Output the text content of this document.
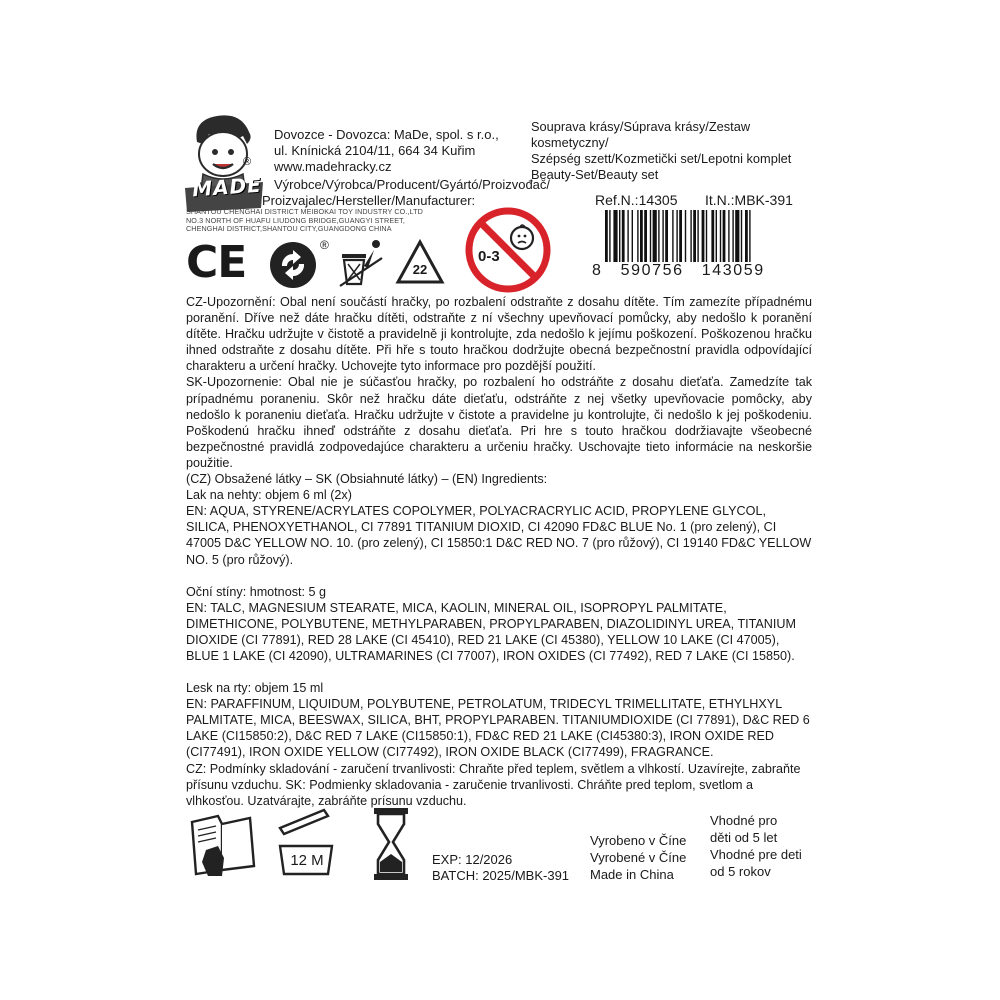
MADE
®
Dovozce - Dovozca: MaDe, spol. s r.o.,
ul. Knínická 2104/11, 664 34 Kuřim
www.madehracky.cz
Výrobce/Výrobca/Producent/Gyártó/Proizvođač/
Proizvajalec/Hersteller/Manufacturer:
SHANTOU CHENGHAI DISTRICT MEIBOKAI TOY INDUSTRY CO.,LTD
NO.3 NORTH OF HUAFU LIUDONG BRIDGE,GUANGYI STREET,
CHENGHAI DISTRICT,SHANTOU CITY,GUANGDONG CHINA
CE	®
22
0-3
Souprava krásy/Súprava krásy/Zestaw kosmetyczny/
Szépség szett/Kozmetički set/Lepotni komplet
Beauty-Set/Beauty set
Ref.N.:14305 It.N.:MBK-391
8   590756   143059

CZ-Upozornění: Obal není součástí hračky, po rozbalení odstraňte z dosahu dítěte. Tím zamezíte případnému poranění. Dříve než dáte hračku dítěti, odstraňte z ní všechny upevňovací pomůcky, aby nedošlo k poranění dítěte. Hračku udržujte v čistotě a pravidelně ji kontrolujte, zda nedošlo k jejímu poškození. Poškozenou hračku ihned odstraňte z dosahu dítěte. Při hře s touto hračkou dodržujte obecná bezpečnostní pravidla odpovídající charakteru a určení hračky. Uchovejte tyto informace pro pozdější použití.

SK-Upozornenie: Obal nie je súčasťou hračky, po rozbalení ho odstráňte z dosahu dieťaťa. Zamedzíte tak prípadnému poraneniu. Skôr než hračku dáte dieťaťu, odstráňte z nej všetky upevňovacie pomôcky, aby nedošlo k poraneniu dieťaťa. Hračku udržujte v čistote a pravidelne ju kontrolujte, či nedošlo k jej poškodeniu. Poškodenú hračku ihneď odstráňte z dosahu dieťaťa. Pri hre s touto hračkou dodržiavajte všeobecné bezpečnostné pravidlá zodpovedajúce charakteru a určeniu hračky. Uschovajte tieto informácie na neskoršie použitie.

(CZ) Obsažené látky – SK (Obsiahnuté látky) – (EN) Ingredients:

Lak na nehty: objem 6 ml (2x)

EN: AQUA, STYRENE/ACRYLATES COPOLYMER, POLYACRACRYLIC ACID, PROPYLENE GLYCOL, SILICA, PHENOXYETHANOL, CI 77891 TITANIUM DIOXID, CI 42090 FD&C BLUE No. 1 (pro zelený), CI 47005 D&C YELLOW NO. 10. (pro zelený), CI 15850:1 D&C RED NO. 7 (pro růžový), CI 19140 FD&C YELLOW NO. 5 (pro růžový).

Oční stíny: hmotnost: 5 g

EN: TALC, MAGNESIUM STEARATE, MICA, KAOLIN, MINERAL OIL, ISOPROPYL PALMITATE, DIMETHICONE, POLYBUTENE, METHYLPARABEN, PROPYLPARABEN, DIAZOLIDINYL UREA, TITANIUM DIOXIDE (CI 77891), RED 28 LAKE (CI 45410), RED 21 LAKE (CI 45380), YELLOW 10 LAKE (CI 47005), BLUE 1 LAKE (CI 42090), ULTRAMARINES (CI 77007), IRON OXIDES (CI 77492), RED 7 LAKE (CI 15850).

Lesk na rty: objem 15 ml

EN: PARAFFINUM, LIQUIDUM, POLYBUTENE, PETROLATUM, TRIDECYL TRIMELLITATE, ETHYLHXYL PALMITATE, MICA, BEESWAX, SILICA, BHT, PROPYLPARABEN. TITANIUMDIOXIDE (CI 77891), D&C RED 6 LAKE (CI15850:2), D&C RED 7 LAKE (CI15850:1), FD&C RED 21 LAKE (CI45380:3), IRON OXIDE RED (CI77491), IRON OXIDE YELLOW (CI77492), IRON OXIDE BLACK (CI77499), FRAGRANCE.

CZ: Podmínky skladování - zaručení trvanlivosti: Chraňte před teplem, světlem a vlhkostí. Uzavírejte, zabraňte přísunu vzduchu. SK: Podmienky skladovania - zaručenie trvanlivosti. Chráňte pred teplom, svetlom a vlhkosťou. Uzatvárajte, zabráňte prísunu vzduchu.

12 M	EXP: 12/2026
BATCH: 2025/MBK-391
Vyrobeno v Číne
Vyrobené v Číne
Made in China
Vhodné pro
děti od 5 let
Vhodné pre deti
od 5 rokov
